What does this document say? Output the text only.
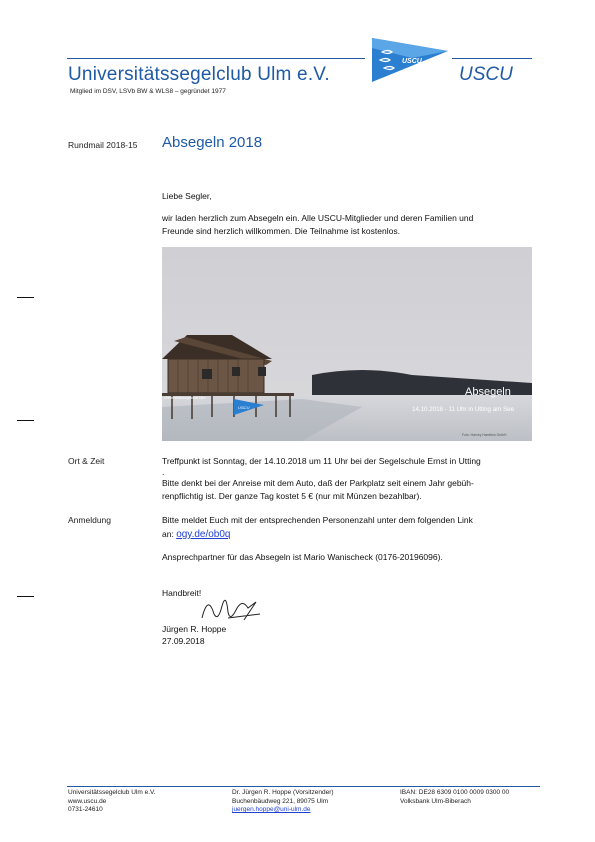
USCU
Universitätssegelclub Ulm e.V.	USCU
Mitglied im DSV, LSVb BW & WLS8 – gegründet 1977
Rundmail 2018-15 Absegeln 2018
Liebe Segler,
wir laden herzlich zum Absegeln ein. Alle USCU-Mitglieder und deren Familien und
Freunde sind herzlich willkommen. Die Teilnahme ist kostenlos.
Universitätssegelclub Ulm
USCU
Absegeln
14.10.2018 - 11 Uhr in Utting am See
Foto: Harvey Hamilton GmbH
Ort & Zeit	Treffpunkt ist Sonntag, der 14.10.2018 um 11 Uhr bei der Segelschule Ernst in Utting
.
Bitte denkt bei der Anreise mit dem Auto, daß der Parkplatz seit einem Jahr gebüh-
renpflichtig ist. Der ganze Tag kostet 5 € (nur mit Münzen bezahlbar).
Anmeldung	Bitte meldet Euch mit der entsprechenden Personenzahl unter dem folgenden Link
an: ogy.de/ob0q
Ansprechpartner für das Absegeln ist Mario Wanischeck (0176-20196096).
Handbreit!
Jürgen R. Hoppe
27.09.2018
Universitätssegelclub Ulm e.V.
www.uscu.de
0731-24610
Dr. Jürgen R. Hoppe (Vorsitzender)
Buchenbäudweg 221, 89075 Ulm
juergen.hoppe@uni-ulm.de
IBAN: DE28 6309 0100 0009 0300 00
Volksbank Ulm-Biberach
